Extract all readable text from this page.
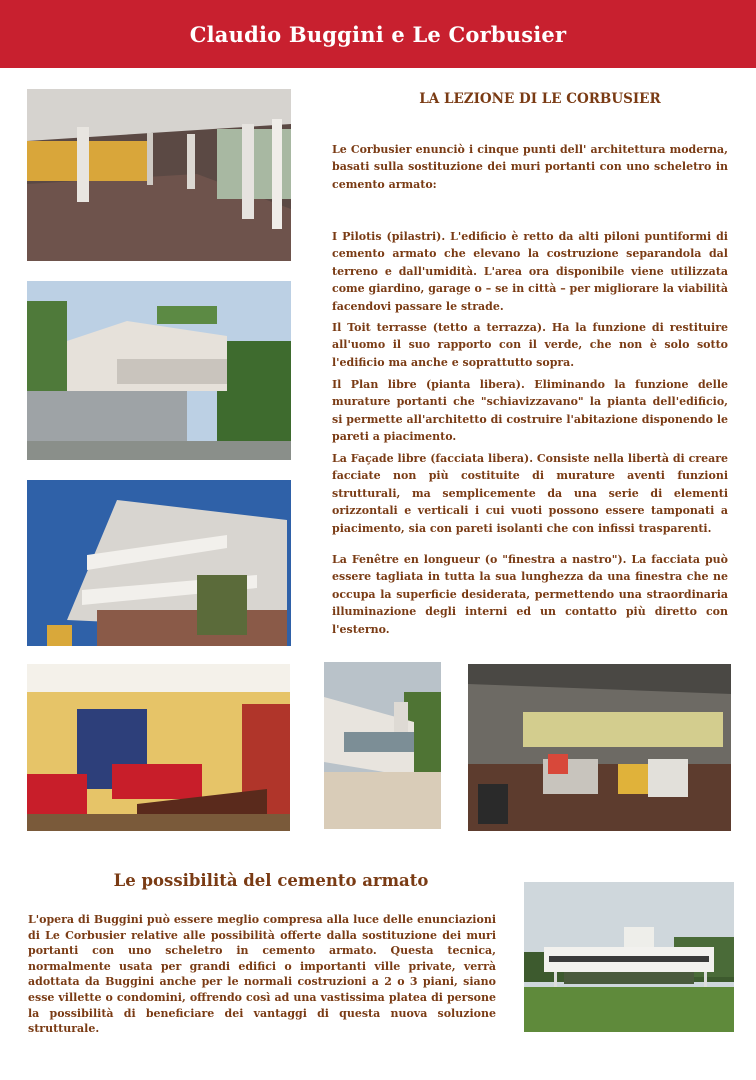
Claudio Buggini e Le Corbusier
LA LEZIONE DI LE CORBUSIER

Le Corbusier enunciò i cinque punti dell' architettura moderna, basati sulla sostituzione dei muri portanti con uno scheletro in cemento armato:

I Pilotis (pilastri). L'edificio è retto da alti piloni puntiformi di cemento armato che elevano la costruzione separandola dal terreno e dall'umidità. L'area ora disponibile viene utilizzata come giardino, garage o – se in città – per migliorare la viabilità facendovi passare le strade.

Il Toit terrasse (tetto a terrazza). Ha la funzione di restituire all'uomo il suo rapporto con il verde, che non è solo sotto l'edificio ma anche e soprattutto sopra.

Il Plan libre (pianta libera). Eliminando la funzione delle murature portanti che "schiavizzavano" la pianta dell'edificio, si permette all'architetto di costruire l'abitazione disponendo le pareti a piacimento.

La Façade libre (facciata libera). Consiste nella libertà di creare facciate non più costituite di murature aventi funzioni strutturali, ma semplicemente da una serie di elementi orizzontali e verticali i cui vuoti possono essere tamponati a piacimento, sia con pareti isolanti che con infissi trasparenti.

La Fenêtre en longueur (o "finestra a nastro"). La facciata può essere tagliata in tutta la sua lunghezza da una finestra che ne occupa la superficie desiderata, permettendo una straordinaria illuminazione degli interni ed un contatto più diretto con l'esterno.

Le possibilità del cemento armato

L'opera di Buggini può essere meglio compresa alla luce delle enunciazioni di Le Corbusier relative alle possibilità offerte dalla sostituzione dei muri portanti con uno scheletro in cemento armato. Questa tecnica, normalmente usata per grandi edifici o importanti ville private, verrà adottata da Buggini anche per le normali costruzioni a 2 o 3 piani, siano esse villette o condomini, offrendo così ad una vastissima platea di persone la possibilità di beneficiare dei vantaggi di questa nuova soluzione strutturale.
